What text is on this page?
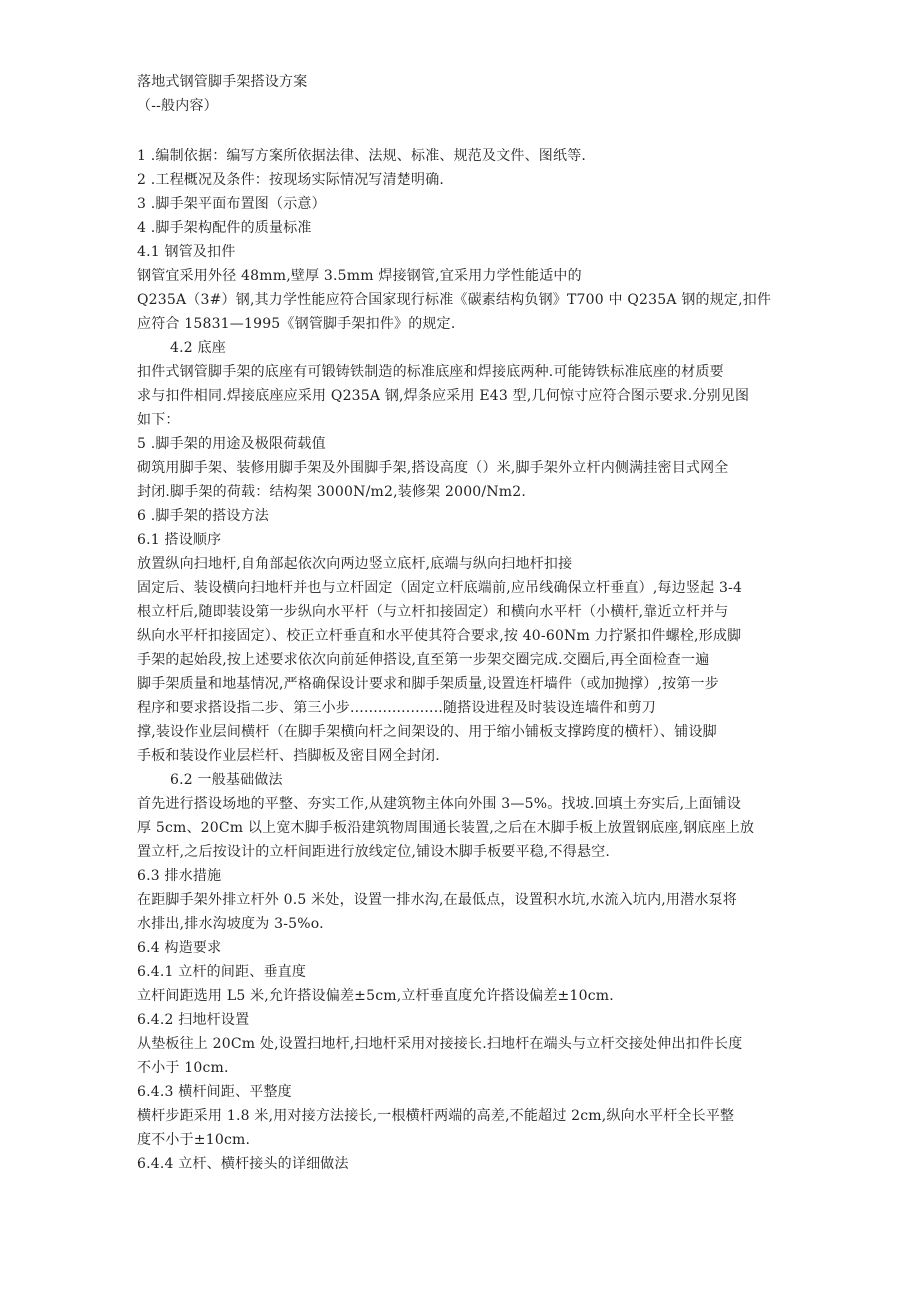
落地式钢管脚手架搭设方案
（--般内容）
1 .编制依据：编写方案所依据法律、法规、标准、规范及文件、图纸等.
2 .工程概况及条件：按现场实际情况写清楚明确.
3 .脚手架平面布置图（示意）
4 .脚手架构配件的质量标准
4.1 钢管及扣件
钢管宜采用外径 48mm,壁厚 3.5mm 焊接钢管,宜采用力学性能适中的
Q235A（3#）钢,其力学性能应符合国家现行标准《碳素结构负钢》T700 中 Q235A 钢的规定,扣件
应符合 15831—1995《钢管脚手架扣件》的规定.
4.2 底座
扣件式钢管脚手架的底座有可锻铸铁制造的标准底座和焊接底两种.可能铸铁标准底座的材质要
求与扣件相同.焊接底座应采用 Q235A 钢,焊条应采用 E43 型,几何惊寸应符合图示要求.分别见图
如下：
5 .脚手架的用途及极限荷载值
砌筑用脚手架、装修用脚手架及外围脚手架,搭设高度（）米,脚手架外立杆内侧满挂密目式网全
封闭.脚手架的荷载：结构架 3000N/m2,装修架 2000/Nm2.
6 .脚手架的搭设方法
6.1 搭设顺序
放置纵向扫地杆,自角部起依次向两边竖立底杆,底端与纵向扫地杆扣接
固定后、装设横向扫地杆并也与立杆固定（固定立杆底端前,应吊线确保立杆垂直）,每边竖起 3-4
根立杆后,随即装设第一步纵向水平杆（与立杆扣接固定）和横向水平杆（小横杆,靠近立杆并与
纵向水平杆扣接固定）、校正立杆垂直和水平使其符合要求,按 40-60Nm 力拧紧扣件螺栓,形成脚
手架的起始段,按上述要求依次向前延伸搭设,直至第一步架交圈完成.交圈后,再全面检查一遍
脚手架质量和地基情况,严格确保设计要求和脚手架质量,设置连杆墙件（或加抛撑）,按第一步
程序和要求搭设指二步、第三小步....................随搭设进程及时装设连墙件和剪刀
撑,装设作业层间横杆（在脚手架横向杆之间架设的、用于缩小铺板支撑跨度的横杆）、铺设脚
手板和装设作业层栏杆、挡脚板及密目网全封闭.
6.2 一般基础做法
首先进行搭设场地的平整、夯实工作,从建筑物主体向外围 3—5%。找坡.回填土夯实后,上面铺设
厚 5cm、20Cm 以上宽木脚手板沿建筑物周围通长装置,之后在木脚手板上放置钢底座,钢底座上放
置立杆,之后按设计的立杆间距进行放线定位,铺设木脚手板要平稳,不得悬空.
6.3 排水措施
在距脚手架外排立杆外 0.5 米处，设置一排水沟,在最低点，设置积水坑,水流入坑内,用潜水泵将
水排出,排水沟坡度为 3-5%o.
6.4 构造要求
6.4.1 立杆的间距、垂直度
立杆间距选用 L5 米,允许搭设偏差±5cm,立杆垂直度允许搭设偏差±10cm.
6.4.2 扫地杆设置
从垫板往上 20Cm 处,设置扫地杆,扫地杆采用对接接长.扫地杆在端头与立杆交接处伸出扣件长度
不小于 10cm.
6.4.3 横杆间距、平整度
横杆步距采用 1.8 米,用对接方法接长,一根横杆两端的高差,不能超过 2cm,纵向水平杆全长平整
度不小于±10cm.
6.4.4 立杆、横杆接头的详细做法
